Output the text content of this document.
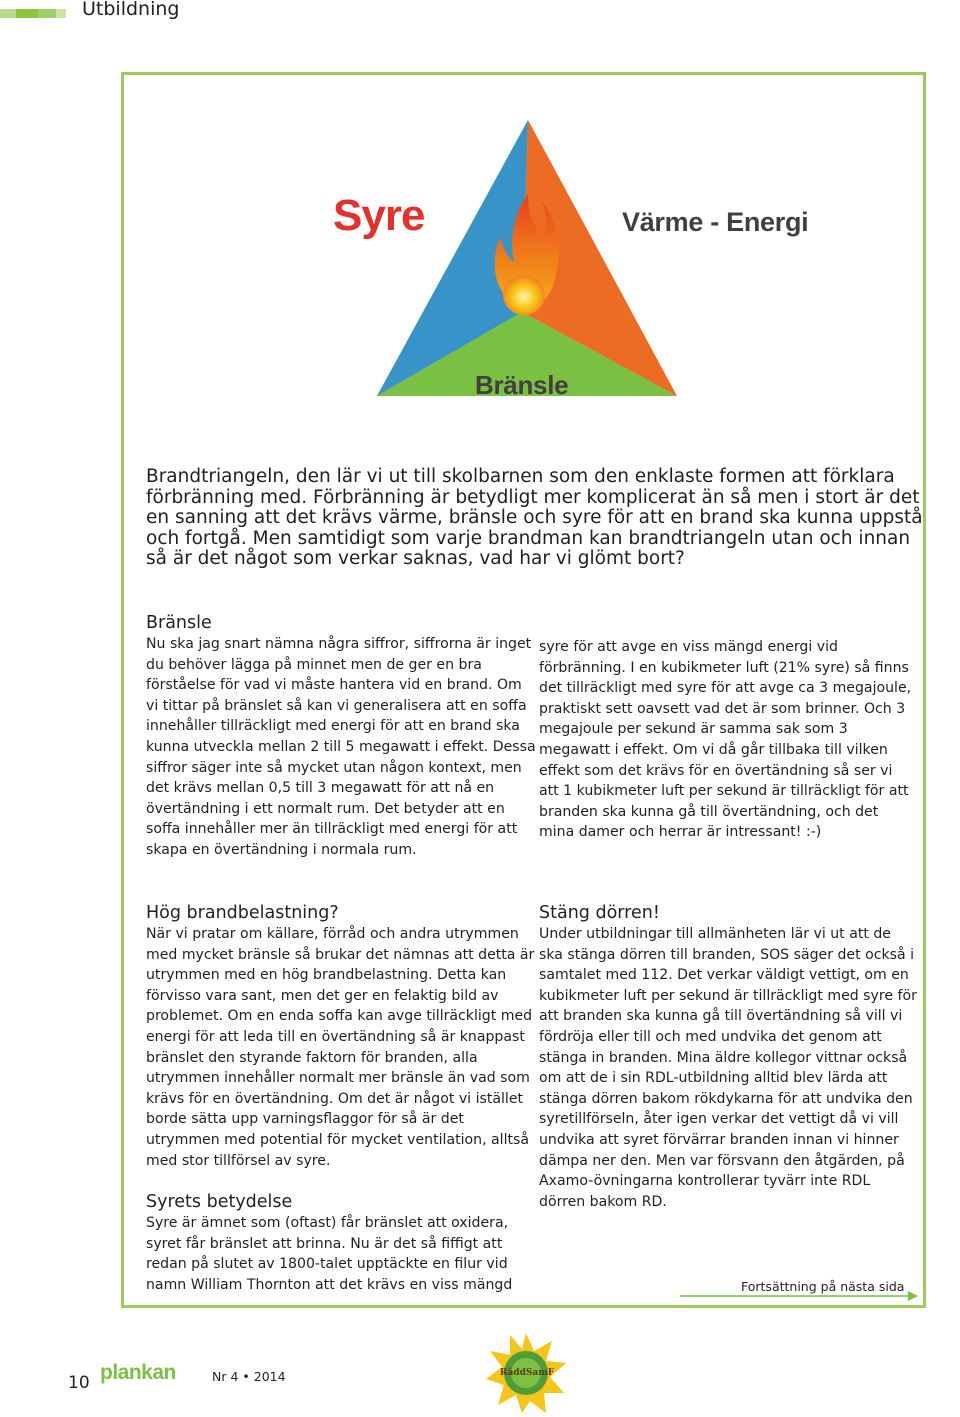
Utbildning
Syre	Värme - Energi
Bränsle

Brandtriangeln, den lär vi ut till skolbarnen som den enklaste formen att förklara förbränning med. Förbränning är betydligt mer komplicerat än så men i stort är det en sanning att det krävs värme, bränsle och syre för att en brand ska kunna uppstå och fortgå. Men samtidigt som varje brandman kan brandtriangeln utan och innan så är det något som verkar saknas, vad har vi glömt bort?

Bränsle

Nu ska jag snart nämna några siffror, siffrorna är inget du behöver lägga på minnet men de ger en bra förståelse för vad vi måste hantera vid en brand. Om vi tittar på bränslet så kan vi generalisera att en soffa innehåller tillräckligt med energi för att en brand ska kunna utveckla mellan 2 till 5 megawatt i effekt. Dessa siffror säger inte så mycket utan någon kontext, men det krävs mellan 0,5 till 3 megawatt för att nå en övertändning i ett normalt rum. Det betyder att en soffa innehåller mer än tillräckligt med energi för att skapa en övertändning i normala rum.

Hög brandbelastning?

När vi pratar om källare, förråd och andra utrymmen med mycket bränsle så brukar det nämnas att detta är utrymmen med en hög brandbelastning. Detta kan förvisso vara sant, men det ger en felaktig bild av problemet. Om en enda soffa kan avge tillräckligt med energi för att leda till en övertändning så är knappast bränslet den styrande faktorn för branden, alla utrymmen innehåller normalt mer bränsle än vad som krävs för en övertändning. Om det är något vi istället borde sätta upp varningsflaggor för så är det utrymmen med potential för mycket ventilation, alltså med stor tillförsel av syre.

Syrets betydelse

Syre är ämnet som (oftast) får bränslet att oxidera, syret får bränslet att brinna. Nu är det så fiffigt att redan på slutet av 1800-talet upptäckte en filur vid namn William Thornton att det krävs en viss mängd

syre för att avge en viss mängd energi vid förbränning. I en kubikmeter luft (21% syre) så finns det tillräckligt med syre för att avge ca 3 megajoule, praktiskt sett oavsett vad det är som brinner. Och 3 megajoule per sekund är samma sak som 3 megawatt i effekt. Om vi då går tillbaka till vilken effekt som det krävs för en övertändning så ser vi att 1 kubikmeter luft per sekund är tillräckligt för att branden ska kunna gå till övertändning, och det mina damer och herrar är intressant! :-)

Stäng dörren!

Under utbildningar till allmänheten lär vi ut att de ska stänga dörren till branden, SOS säger det också i samtalet med 112. Det verkar väldigt vettigt, om en kubikmeter luft per sekund är tillräckligt med syre för att branden ska kunna gå till övertändning så vill vi fördröja eller till och med undvika det genom att stänga in branden. Mina äldre kollegor vittnar också om att de i sin RDL-utbildning alltid blev lärda att stänga dörren bakom rökdykarna för att undvika den syretillförseln, åter igen verkar det vettigt då vi vill undvika att syret förvärrar branden innan vi hinner dämpa ner den. Men var försvann den åtgärden, på Axamo-övningarna kontrollerar tyvärr inte RDL dörren bakom RD.

Fortsättning på nästa sida
10 plankan	Nr 4 • 2014	RäddSamF
